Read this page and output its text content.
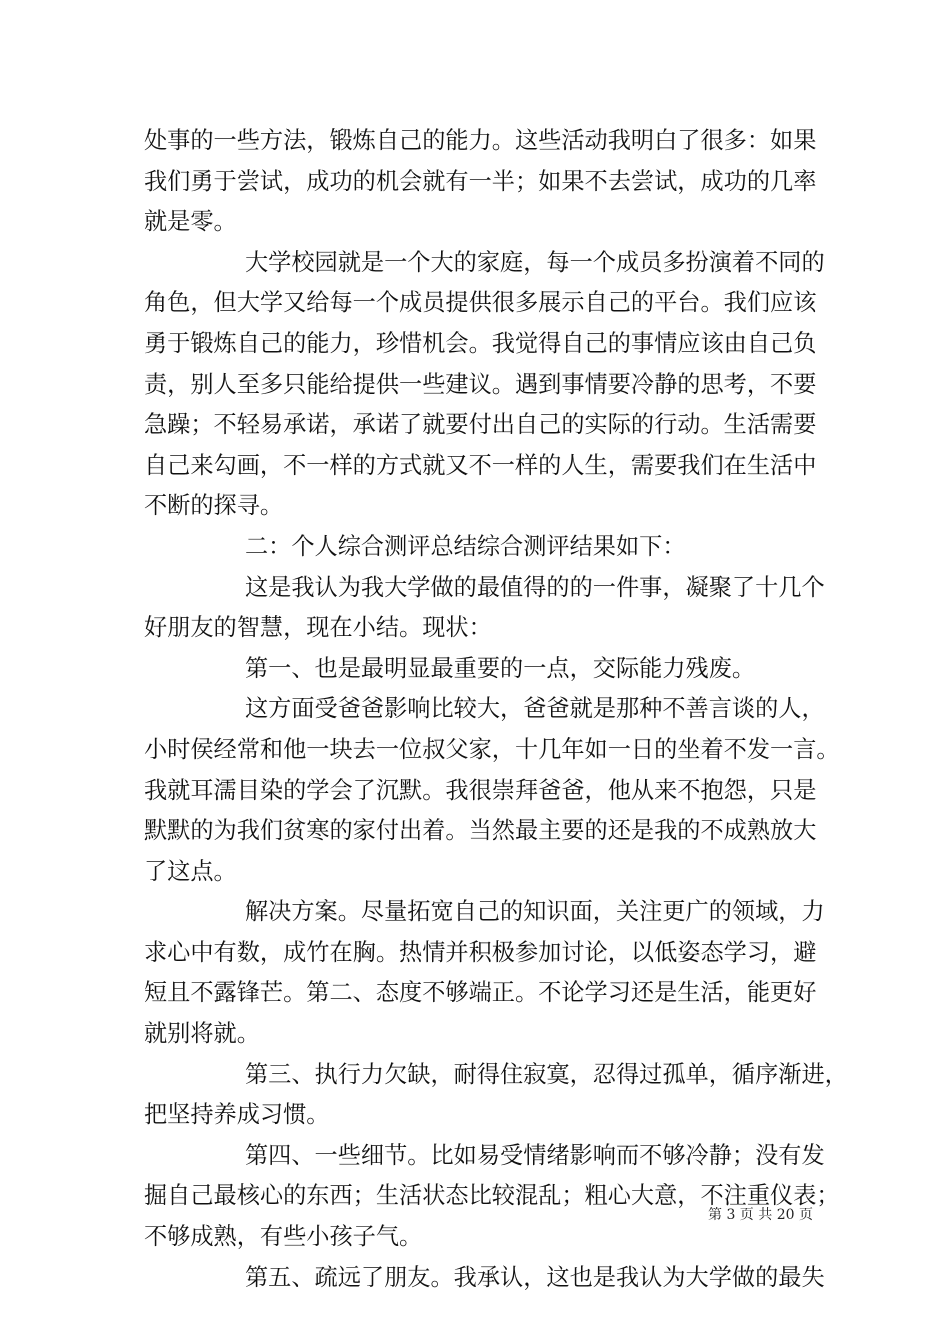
处事的一些方法，锻炼自己的能力。这些活动我明白了很多：如果
我们勇于尝试，成功的机会就有一半；如果不去尝试，成功的几率
就是零。
大学校园就是一个大的家庭，每一个成员多扮演着不同的
角色，但大学又给每一个成员提供很多展示自己的平台。我们应该
勇于锻炼自己的能力，珍惜机会。我觉得自己的事情应该由自己负
责，别人至多只能给提供一些建议。遇到事情要冷静的思考，不要
急躁；不轻易承诺，承诺了就要付出自己的实际的行动。生活需要
自己来勾画，不一样的方式就又不一样的人生，需要我们在生活中
不断的探寻。
二：个人综合测评总结综合测评结果如下：
这是我认为我大学做的最值得的的一件事，凝聚了十几个
好朋友的智慧，现在小结。现状：
第一、也是最明显最重要的一点，交际能力残废。
这方面受爸爸影响比较大，爸爸就是那种不善言谈的人，
小时侯经常和他一块去一位叔父家，十几年如一日的坐着不发一言。
我就耳濡目染的学会了沉默。我很崇拜爸爸，他从来不抱怨，只是
默默的为我们贫寒的家付出着。当然最主要的还是我的不成熟放大
了这点。
解决方案。尽量拓宽自己的知识面，关注更广的领域，力
求心中有数，成竹在胸。热情并积极参加讨论，以低姿态学习，避
短且不露锋芒。第二、态度不够端正。不论学习还是生活，能更好
就别将就。
第三、执行力欠缺，耐得住寂寞，忍得过孤单，循序渐进，
把坚持养成习惯。
第四、一些细节。比如易受情绪影响而不够冷静；没有发
掘自己最核心的东西；生活状态比较混乱；粗心大意，不注重仪表；
不够成熟，有些小孩子气。
第五、疏远了朋友。我承认，这也是我认为大学做的最失
第 3 页 共 20 页
